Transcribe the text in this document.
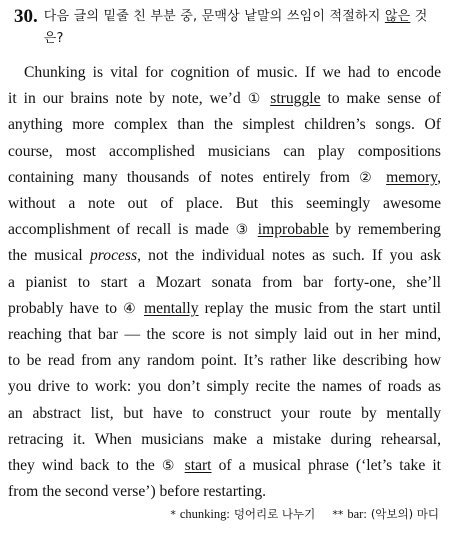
30. 다음 글의 밑줄 친 부분 중, 문맥상 낱말의 쓰임이 적절하지 않은 것은?
Chunking is vital for cognition of music. If we had to encode
it in our brains note by note, we’d ① struggle to make sense of
anything more complex than the simplest children’s songs. Of
course, most accomplished musicians can play compositions
containing many thousands of notes entirely from ② memory,
without a note out of place. But this seemingly awesome
accomplishment of recall is made ③ improbable by remembering
the musical process, not the individual notes as such. If you ask
a pianist to start a Mozart sonata from bar forty-one, she’ll
probably have to ④ mentally replay the music from the start until
reaching that bar — the score is not simply laid out in her mind,
to be read from any random point. It’s rather like describing how
you drive to work: you don’t simply recite the names of roads as
an abstract list, but have to construct your route by mentally
retracing it. When musicians make a mistake during rehearsal,
they wind back to the ⑤ start of a musical phrase (‘let’s take it
from the second verse’) before restarting.
* chunking: 덩어리로 나누기 ** bar: (악보의) 마디
